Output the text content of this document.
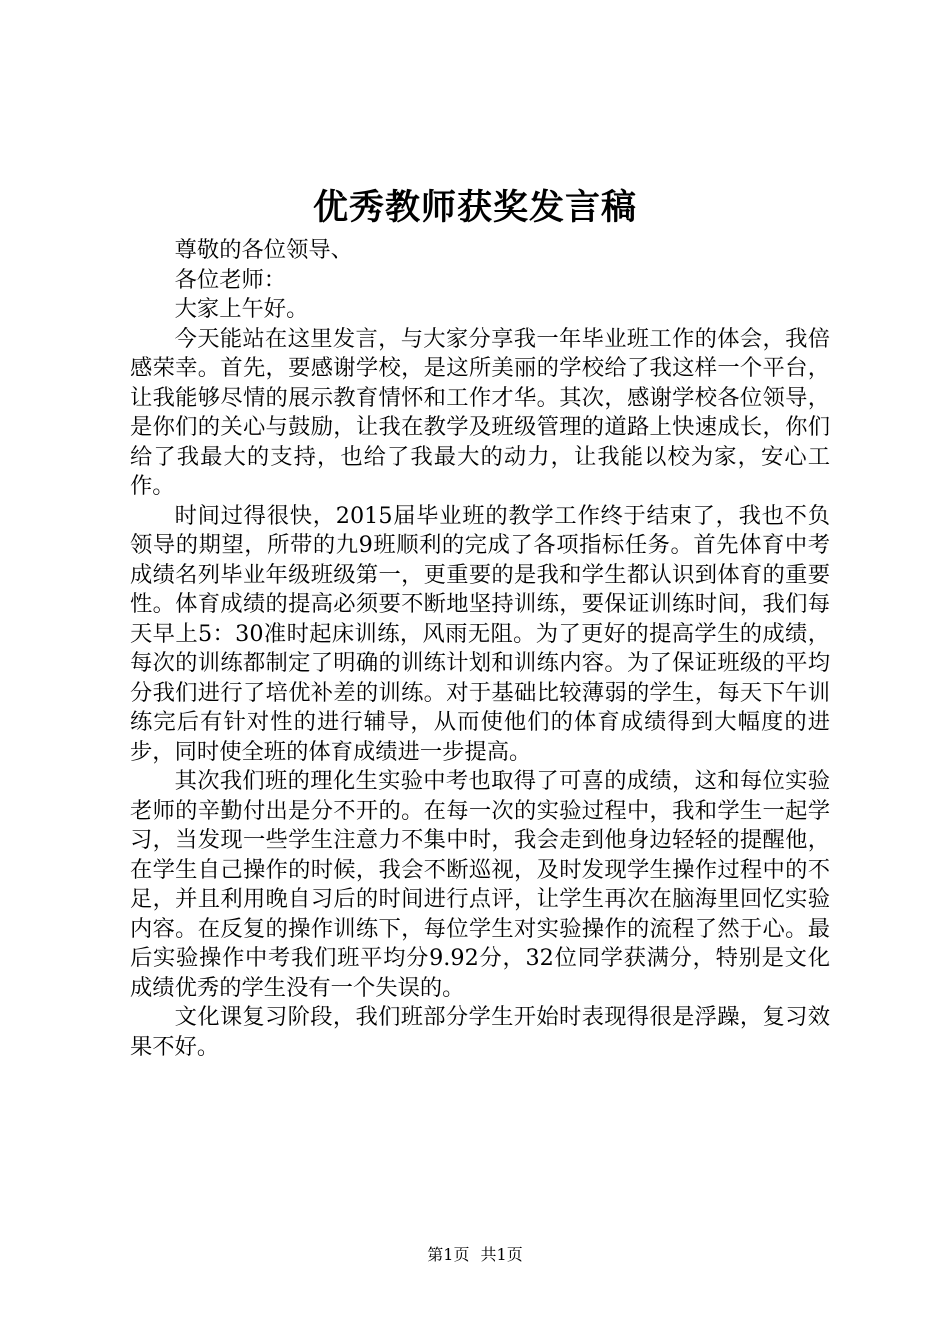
优秀教师获奖发言稿

尊敬的各位领导、

各位老师：

大家上午好。

今天能站在这里发言，与大家分享我一年毕业班工作的体会，我倍感荣幸。首先，要感谢学校，是这所美丽的学校给了我这样一个平台，让我能够尽情的展示教育情怀和工作才华。其次，感谢学校各位领导，是你们的关心与鼓励，让我在教学及班级管理的道路上快速成长，你们给了我最大的支持，也给了我最大的动力，让我能以校为家，安心工作。

时间过得很快，2015届毕业班的教学工作终于结束了，我也不负领导的期望，所带的九9班顺利的完成了各项指标任务。首先体育中考成绩名列毕业年级班级第一，更重要的是我和学生都认识到体育的重要性。体育成绩的提高必须要不断地坚持训练，要保证训练时间，我们每天早上5：30准时起床训练，风雨无阻。为了更好的提高学生的成绩，每次的训练都制定了明确的训练计划和训练内容。为了保证班级的平均分我们进行了培优补差的训练。对于基础比较薄弱的学生，每天下午训练完后有针对性的进行辅导，从而使他们的体育成绩得到大幅度的进步，同时使全班的体育成绩进一步提高。

其次我们班的理化生实验中考也取得了可喜的成绩，这和每位实验老师的辛勤付出是分不开的。在每一次的实验过程中，我和学生一起学习，当发现一些学生注意力不集中时，我会走到他身边轻轻的提醒他，在学生自己操作的时候，我会不断巡视，及时发现学生操作过程中的不足，并且利用晚自习后的时间进行点评，让学生再次在脑海里回忆实验内容。在反复的操作训练下，每位学生对实验操作的流程了然于心。最后实验操作中考我们班平均分9.92分，32位同学获满分，特别是文化成绩优秀的学生没有一个失误的。

文化课复习阶段，我们班部分学生开始时表现得很是浮躁，复习效果不好。

第1页 共1页
